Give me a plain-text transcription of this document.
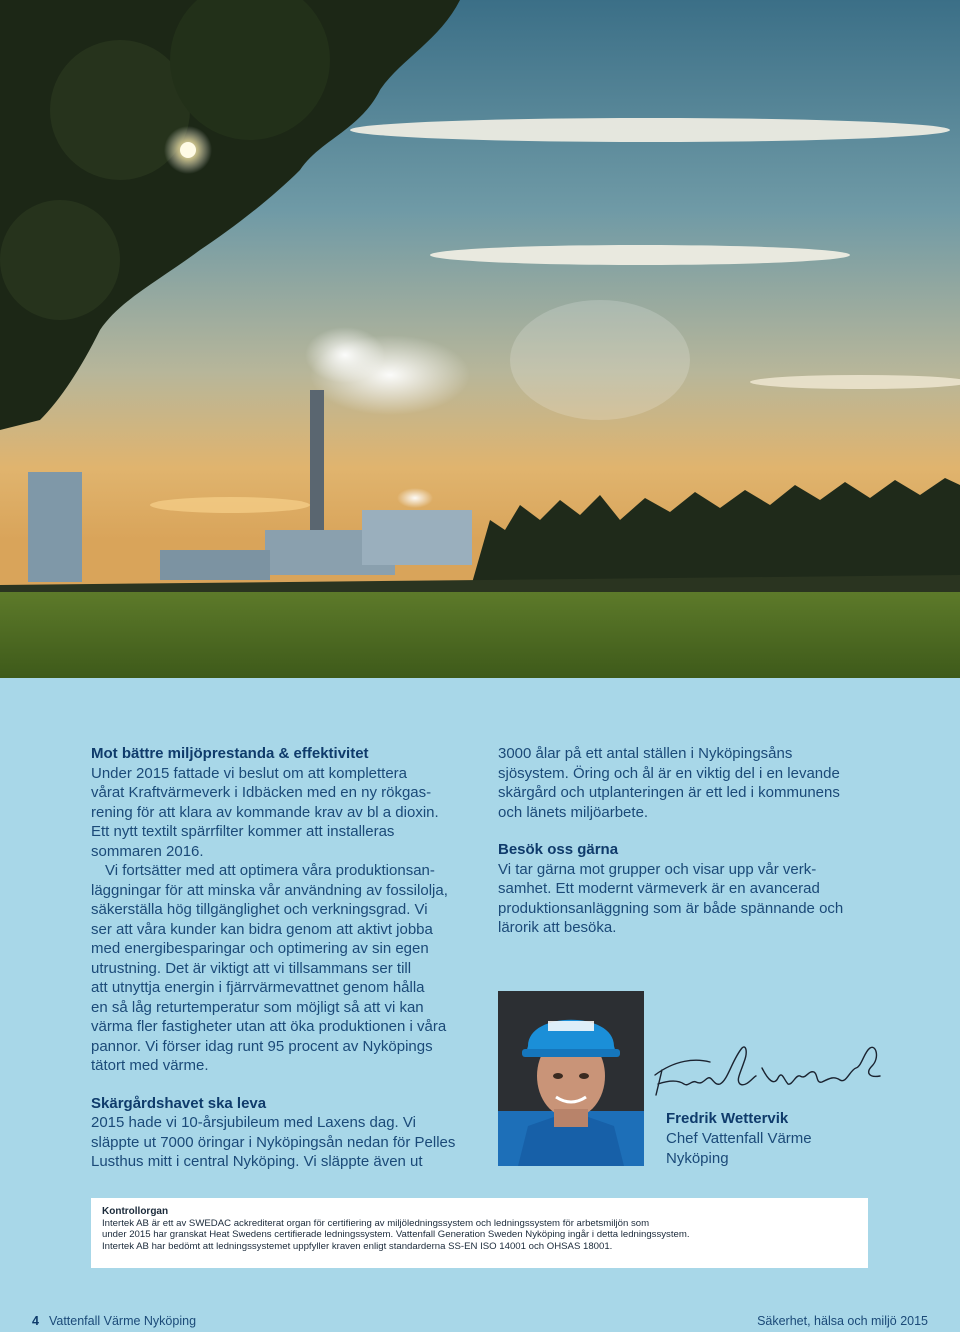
Mot bättre miljöprestanda & effektivitet

Under 2015 fattade vi beslut om att komplettera
vårat Kraftvärmeverk i Idbäcken med en ny rökgas-
rening för att klara av kommande krav av bl a dioxin.
Ett nytt textilt spärrfilter kommer att installeras
sommaren 2016.

Vi fortsätter med att optimera våra produktionsan-
läggningar för att minska vår användning av fossilolja,
säkerställa hög tillgänglighet och verkningsgrad. Vi
ser att våra kunder kan bidra genom att aktivt jobba
med energibesparingar och optimering av sin egen
utrustning. Det är viktigt att vi tillsammans ser till
att utnyttja energin i fjärrvärmevattnet genom hålla
en så låg returtemperatur som möjligt så att vi kan
värma fler fastigheter utan att öka produktionen i våra
pannor. Vi förser idag runt 95 procent av Nyköpings
tätort med värme.

Skärgårdshavet ska leva

2015 hade vi 10-årsjubileum med Laxens dag. Vi
släppte ut 7000 öringar i Nyköpingsån nedan för Pelles
Lusthus mitt i central Nyköping. Vi släppte även ut

3000 ålar på ett antal ställen i Nyköpingsåns
sjösystem. Öring och ål är en viktig del i en levande
skärgård och utplanteringen är ett led i kommunens
och länets miljöarbete.

Besök oss gärna

Vi tar gärna mot grupper och visar upp vår verk-
samhet. Ett modernt värmeverk är en avancerad
produktionsanläggning som är både spännande och
lärorik att besöka.

Fredrik Wettervik
Chef Vattenfall Värme
Nyköping
Kontrollorgan
Intertek AB är ett av SWEDAC ackrediterat organ för certifiering av miljöledningssystem och ledningssystem för arbetsmiljön som
under 2015 har granskat Heat Swedens certifierade ledningssystem. Vattenfall Generation Sweden Nyköping ingår i detta ledningssystem.
Intertek AB har bedömt att ledningssystemet uppfyller kraven enligt standarderna SS-EN ISO 14001 och OHSAS 18001.
4 Vattenfall Värme Nyköping	Säkerhet, hälsa och miljö 2015
